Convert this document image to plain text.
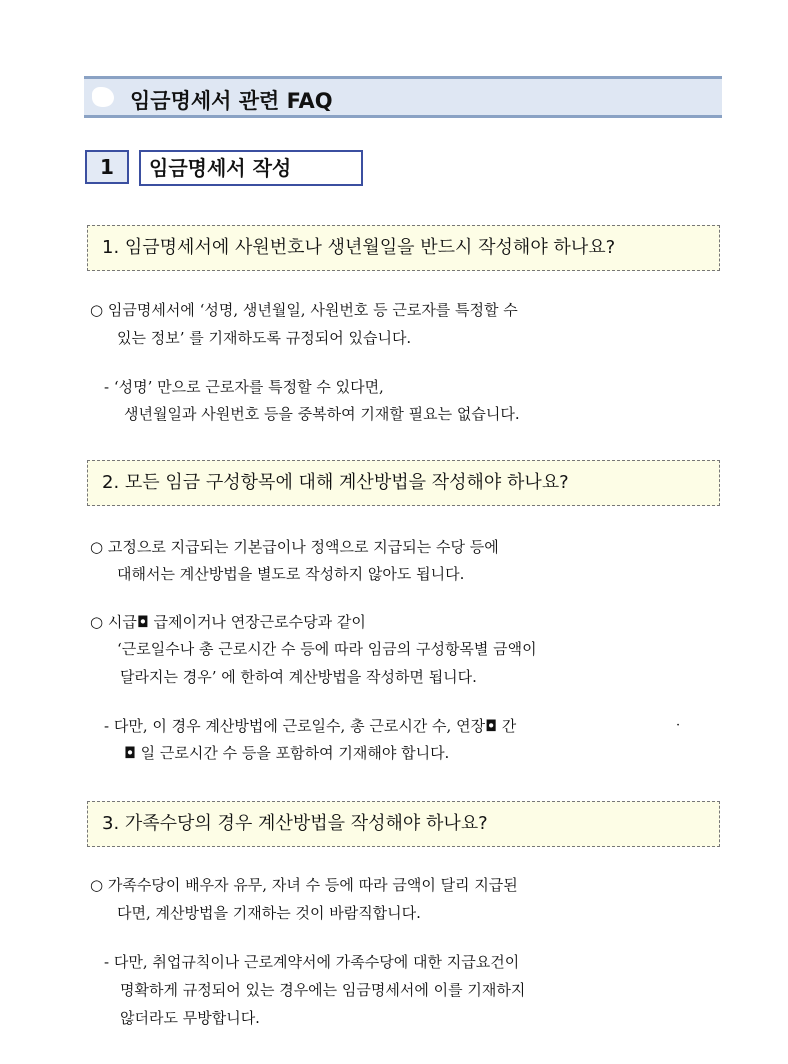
임금명세서 관련 FAQ
1	임금명세서 작성
1. 임금명세서에 사원번호나 생년월일을 반드시 작성해야 하나요?
○ 임금명세서에 ‘성명, 생년월일, 사원번호 등 근로자를 특정할 수
있는 정보’ 를 기재하도록 규정되어 있습니다.
- ‘성명’ 만으로 근로자를 특정할 수 있다면,
생년월일과 사원번호 등을 중복하여 기재할 필요는 없습니다.
2. 모든 임금 구성항목에 대해 계산방법을 작성해야 하나요?
○ 고정으로 지급되는 기본급이나 정액으로 지급되는 수당 등에
대해서는 계산방법을 별도로 작성하지 않아도 됩니다.
○ 시급◘ 급제이거나 연장근로수당과 같이
‘근로일수나 총 근로시간 수 등에 따라 임금의 구성항목별 금액이
달라지는 경우’ 에 한하여 계산방법을 작성하면 됩니다.
- 다만, 이 경우 계산방법에 근로일수, 총 근로시간 수, 연장◘ 간	·
◘ 일 근로시간 수 등을 포함하여 기재해야 합니다.
3. 가족수당의 경우 계산방법을 작성해야 하나요?
○ 가족수당이 배우자 유무, 자녀 수 등에 따라 금액이 달리 지급된
다면, 계산방법을 기재하는 것이 바람직합니다.
- 다만, 취업규칙이나 근로계약서에 가족수당에 대한 지급요건이
명확하게 규정되어 있는 경우에는 임금명세서에 이를 기재하지
않더라도 무방합니다.
